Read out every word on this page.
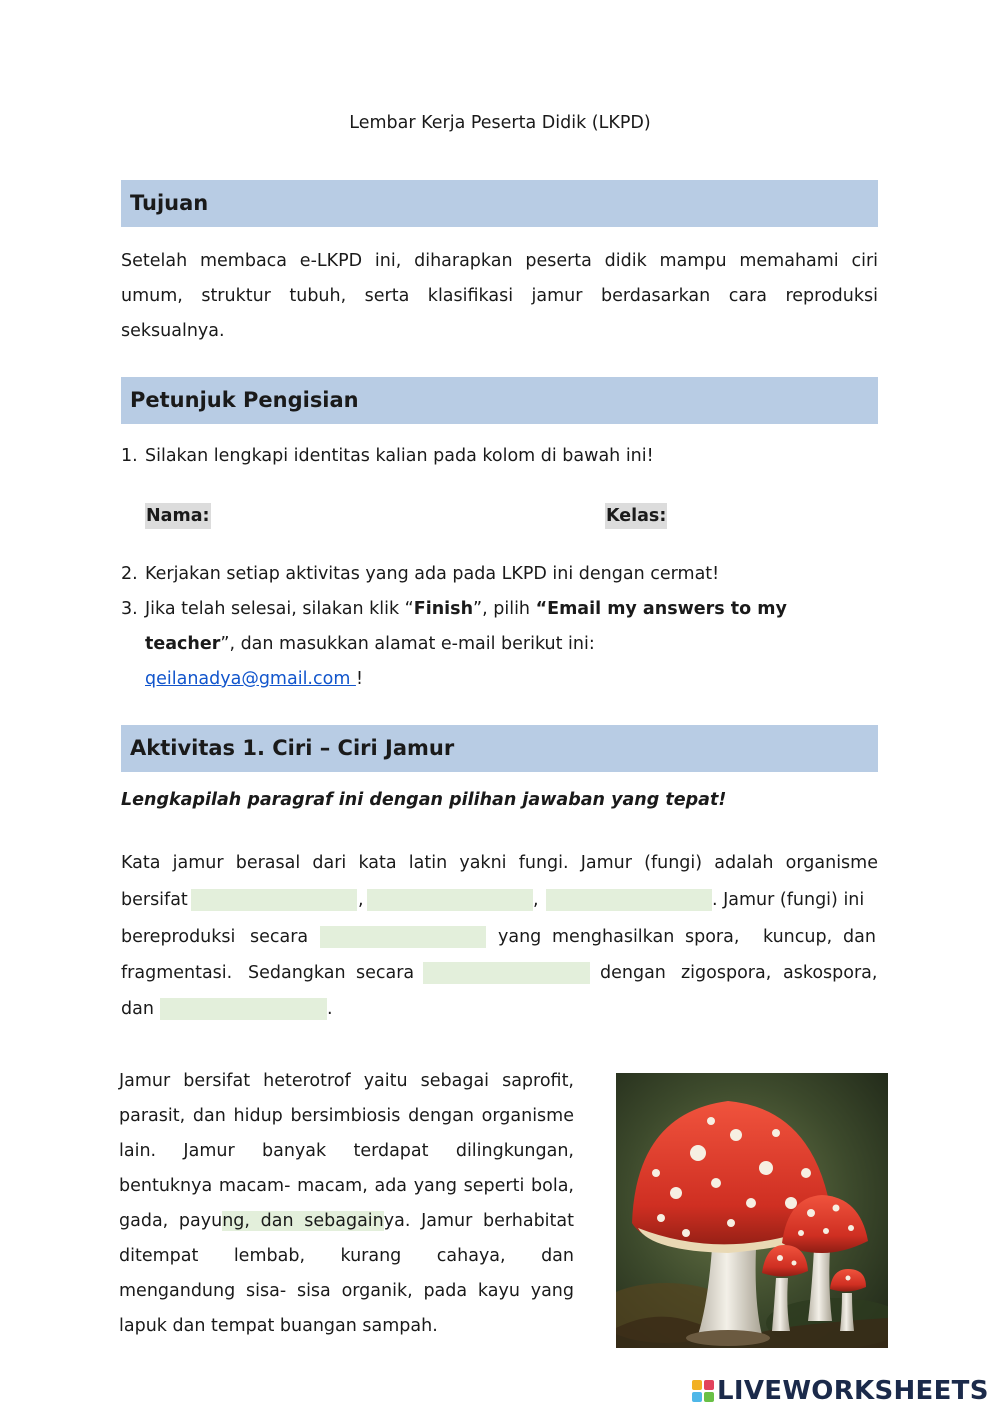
Lembar Kerja Peserta Didik (LKPD)
Tujuan
Setelah membaca e-LKPD ini, diharapkan peserta didik mampu memahami ciri umum, struktur tubuh, serta klasifikasi jamur berdasarkan cara reproduksi seksualnya.
Petunjuk Pengisian
1. Silakan lengkapi identitas kalian pada kolom di bawah ini!
Nama:	Kelas:
2. Kerjakan setiap aktivitas yang ada pada LKPD ini dengan cermat!
3. Jika telah selesai, silakan klik “Finish”, pilih “Email my answers to my
teacher”, dan masukkan alamat e-mail berikut ini:
qeilanadya@gmail.com !
Aktivitas 1. Ciri – Ciri Jamur
Lengkapilah paragraf ini dengan pilihan jawaban yang tepat!
Kata jamur berasal dari kata latin yakni fungi. Jamur (fungi) adalah organisme
bersifat	,	,	. Jamur (fungi) ini
bereproduksi secara	yang menghasilkan spora, kuncup, dan
fragmentasi. Sedangkan secara	dengan zigospora, askospora,
dan	.
Jamur bersifat heterotrof yaitu sebagai saprofit, parasit, dan hidup bersimbiosis dengan organisme lain. Jamur banyak terdapat dilingkungan, bentuknya macam- macam, ada yang seperti bola, gada, payung, dan sebagainya. Jamur berhabitat ditempat lembab, kurang cahaya, dan mengandung sisa- sisa organik, pada kayu yang lapuk dan tempat buangan sampah.
LIVEWORKSHEETS
